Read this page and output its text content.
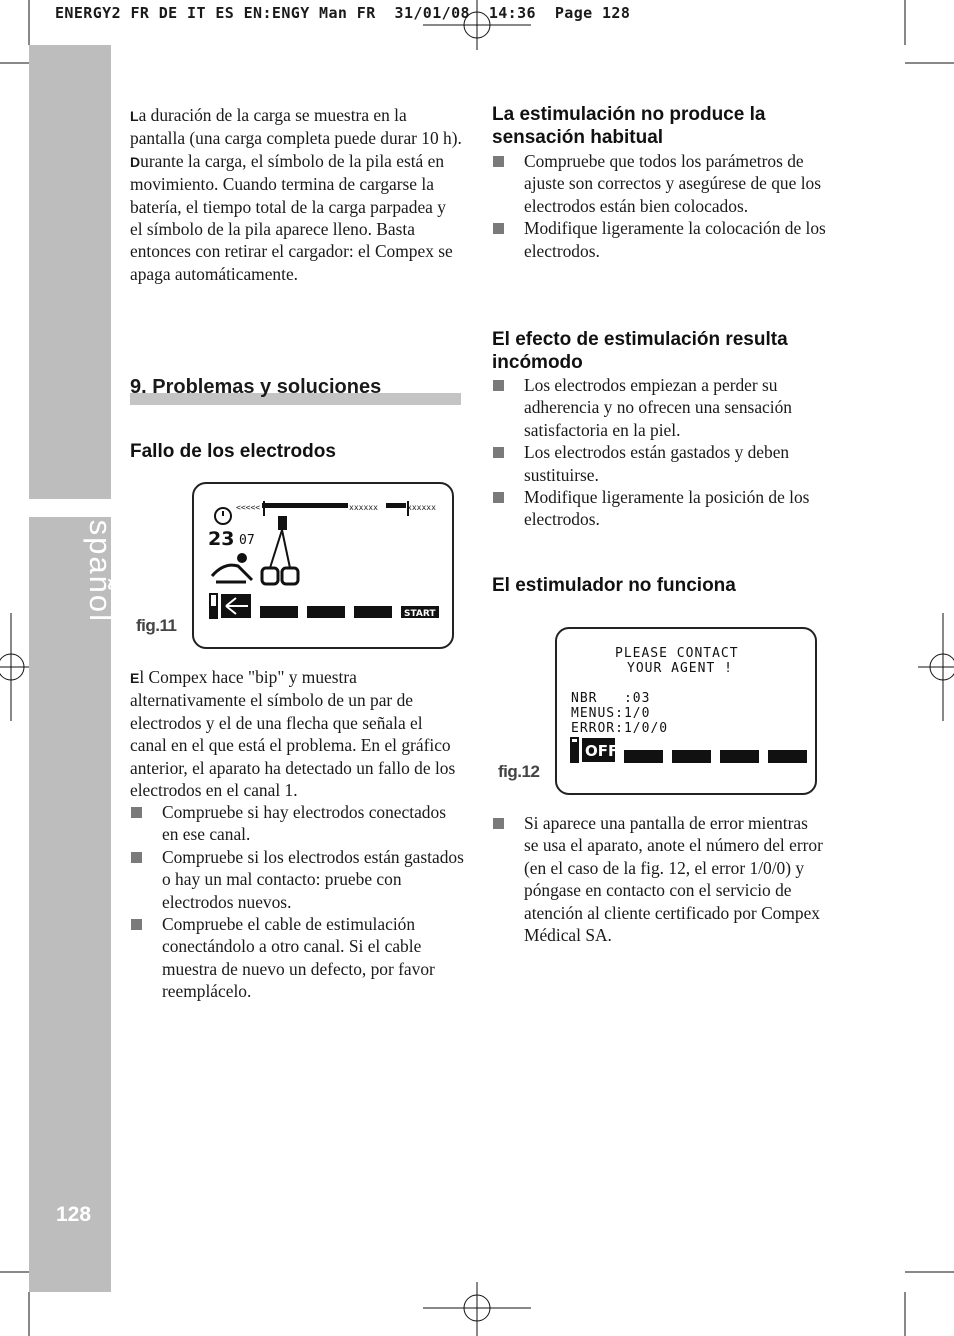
ENERGY2 FR DE IT ES EN:ENGY Man FR  31/01/08  14:36  Page 128
Español
128

La duración de la carga se muestra en la pantalla (una carga completa puede durar 10 h).

Durante la carga, el símbolo de la pila está en movimiento. Cuando termina de cargarse la batería, el tiempo total de la carga parpadea y el símbolo de la pila aparece lleno. Basta entonces con retirar el cargador: el Compex se apaga automáticamente.

9. Problemas y soluciones
Fallo de los electrodos
<<<<<	xxxxxx	xxxxxx
23 07
START
fig.11

El Compex hace "bip" y muestra alternativamente el símbolo de un par de electrodos y el de una flecha que señala el canal en el que está el problema. En el gráfico anterior, el aparato ha detectado un fallo de los electrodos en el canal 1.

Compruebe si hay electrodos conectados en ese canal.
Compruebe si los electrodos están gastados o hay un mal contacto: pruebe con electrodos nuevos.
Compruebe el cable de estimulación conectándolo a otro canal. Si el cable muestra de nuevo un defecto, por favor reemplácelo.
La estimulación no produce la sensación habitual
Compruebe que todos los parámetros de ajuste son correctos y asegúrese de que los electrodos están bien colocados.
Modifique ligeramente la colocación de los electrodos.
El efecto de estimulación resulta incómodo
Los electrodos empiezan a perder su adherencia y no ofrecen una sensación satisfactoria en la piel.
Los electrodos están gastados y deben sustituirse.
Modifique ligeramente la posición de los electrodos.
El estimulador no funciona
PLEASE CONTACT
YOUR AGENT !
NBR   :03
MENUS:1/0
ERROR:1/0/0
OFF
fig.12
Si aparece una pantalla de error mientras se usa el aparato, anote el número del error (en el caso de la fig. 12, el error 1/0/0) y póngase en contacto con el servicio de atención al cliente certificado por Compex Médical SA.
